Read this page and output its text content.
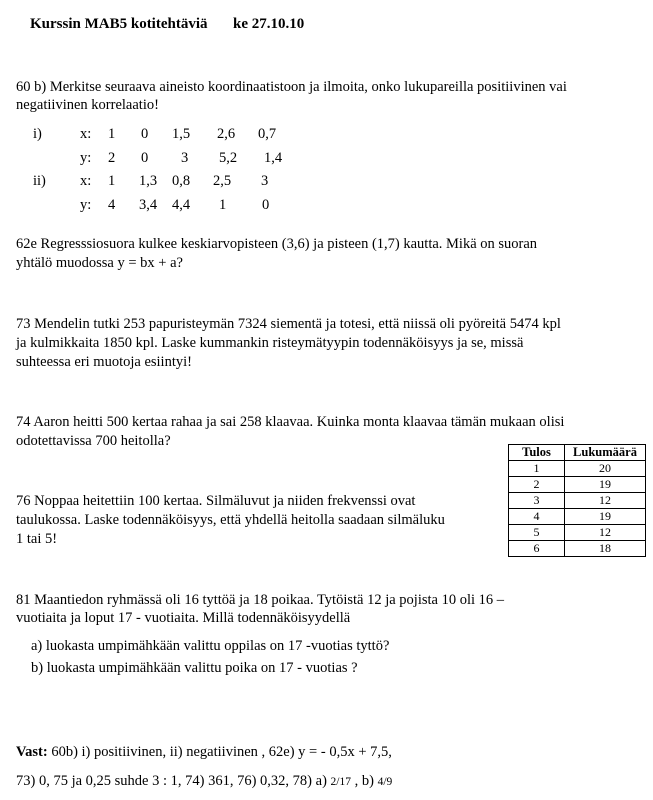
Kurssin MAB5 kotitehtäviä ke 27.10.10
60 b) Merkitse seuraava aineisto koordinaatistoon ja ilmoita, onko lukupareilla positiivinen vai
negatiivinen korrelaatio!
i)	x: 1 0 1,5 2,6 0,7
y: 2 0 3 5,2 1,4
ii) x: 1 1,3 0,8 2,5 3
y: 4 3,4 4,4 1 0
62e Regresssiosuora kulkee keskiarvopisteen (3,6) ja pisteen (1,7) kautta. Mikä on suoran
yhtälö muodossa y = bx + a?
73 Mendelin tutki 253 papuristeymän 7324 siementä ja totesi, että niissä oli pyöreitä 5474 kpl
ja kulmikkaita 1850 kpl. Laske kummankin risteymätyypin todennäköisyys ja se, missä
suhteessa eri muotoja esiintyi!
74 Aaron heitti 500 kertaa rahaa ja sai 258 klaavaa. Kuinka monta klaavaa tämän mukaan olisi
odotettavissa 700 heitolla?
Tulos	Lukumäärä
1	20
2	19
3	12
4	19
5	12
6	18
76 Noppaa heitettiin 100 kertaa. Silmäluvut ja niiden frekvenssi ovat
taulukossa. Laske todennäköisyys, että yhdellä heitolla saadaan silmäluku
1 tai 5!
81 Maantiedon ryhmässä oli 16 tyttöä ja 18 poikaa. Tytöistä 12 ja pojista 10 oli 16 –
vuotiaita ja loput 17 - vuotiaita. Millä todennäköisyydellä
a) luokasta umpimähkään valittu oppilas on 17 -vuotias tyttö?
b) luokasta umpimähkään valittu poika on 17 - vuotias ?
Vast: 60b) i) positiivinen, ii) negatiivinen , 62e) y = - 0,5x + 7,5,
73) 0, 75 ja 0,25 suhde 3 : 1, 74) 361, 76) 0,32, 78) a) 2/17 , b) 4/9
